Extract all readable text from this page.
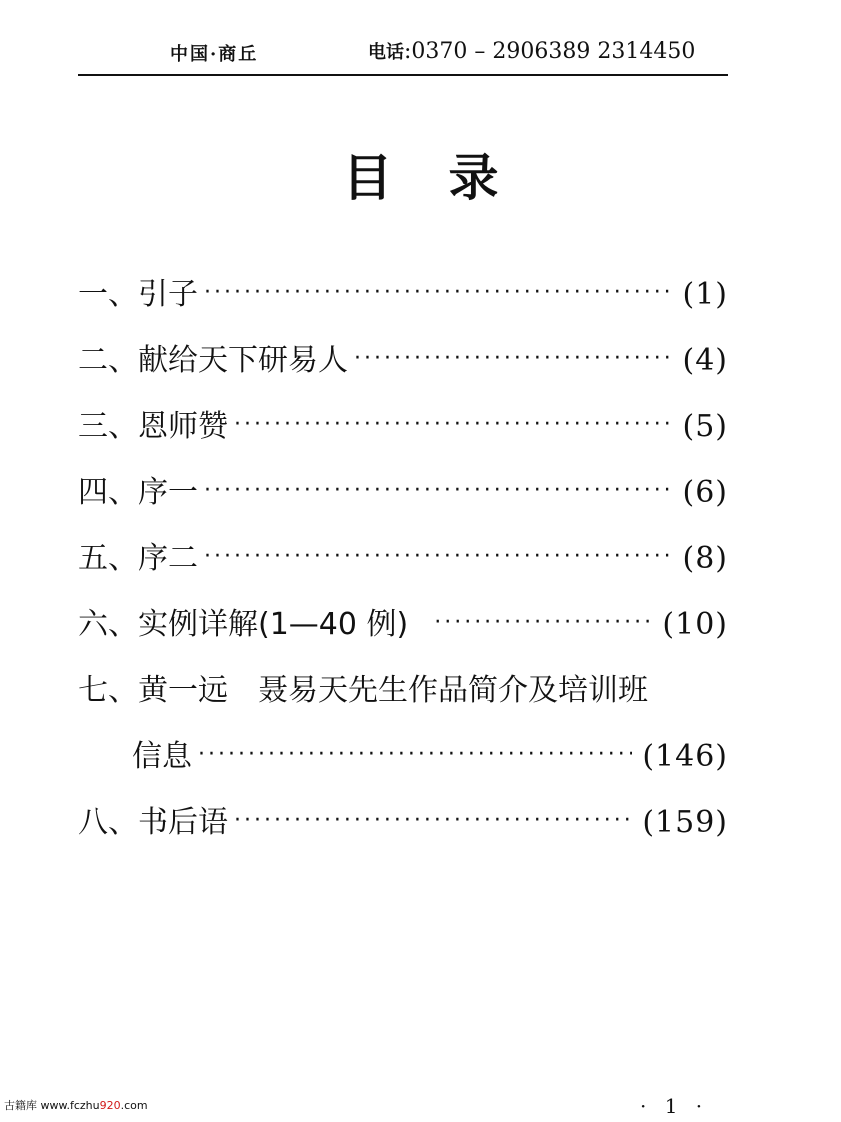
中国·商丘	电话:0370 – 2906389 2314450
目录
一、 引子 ·····	(1)
二、 献给天下研易人 ·····	(4)
三、 恩师赞 ·····	(5)
四、 序一 ·····	(6)
五、 序二 ·····	(8)
六、 实例详解(1—40 例) ·····	(10)
七、 黄一远　聂易天先生作品简介及培训班
信息 ·····	(146)
八、 书后语 ·····	(159)
古籍库 www.fczhu920.com	· 1 ·
